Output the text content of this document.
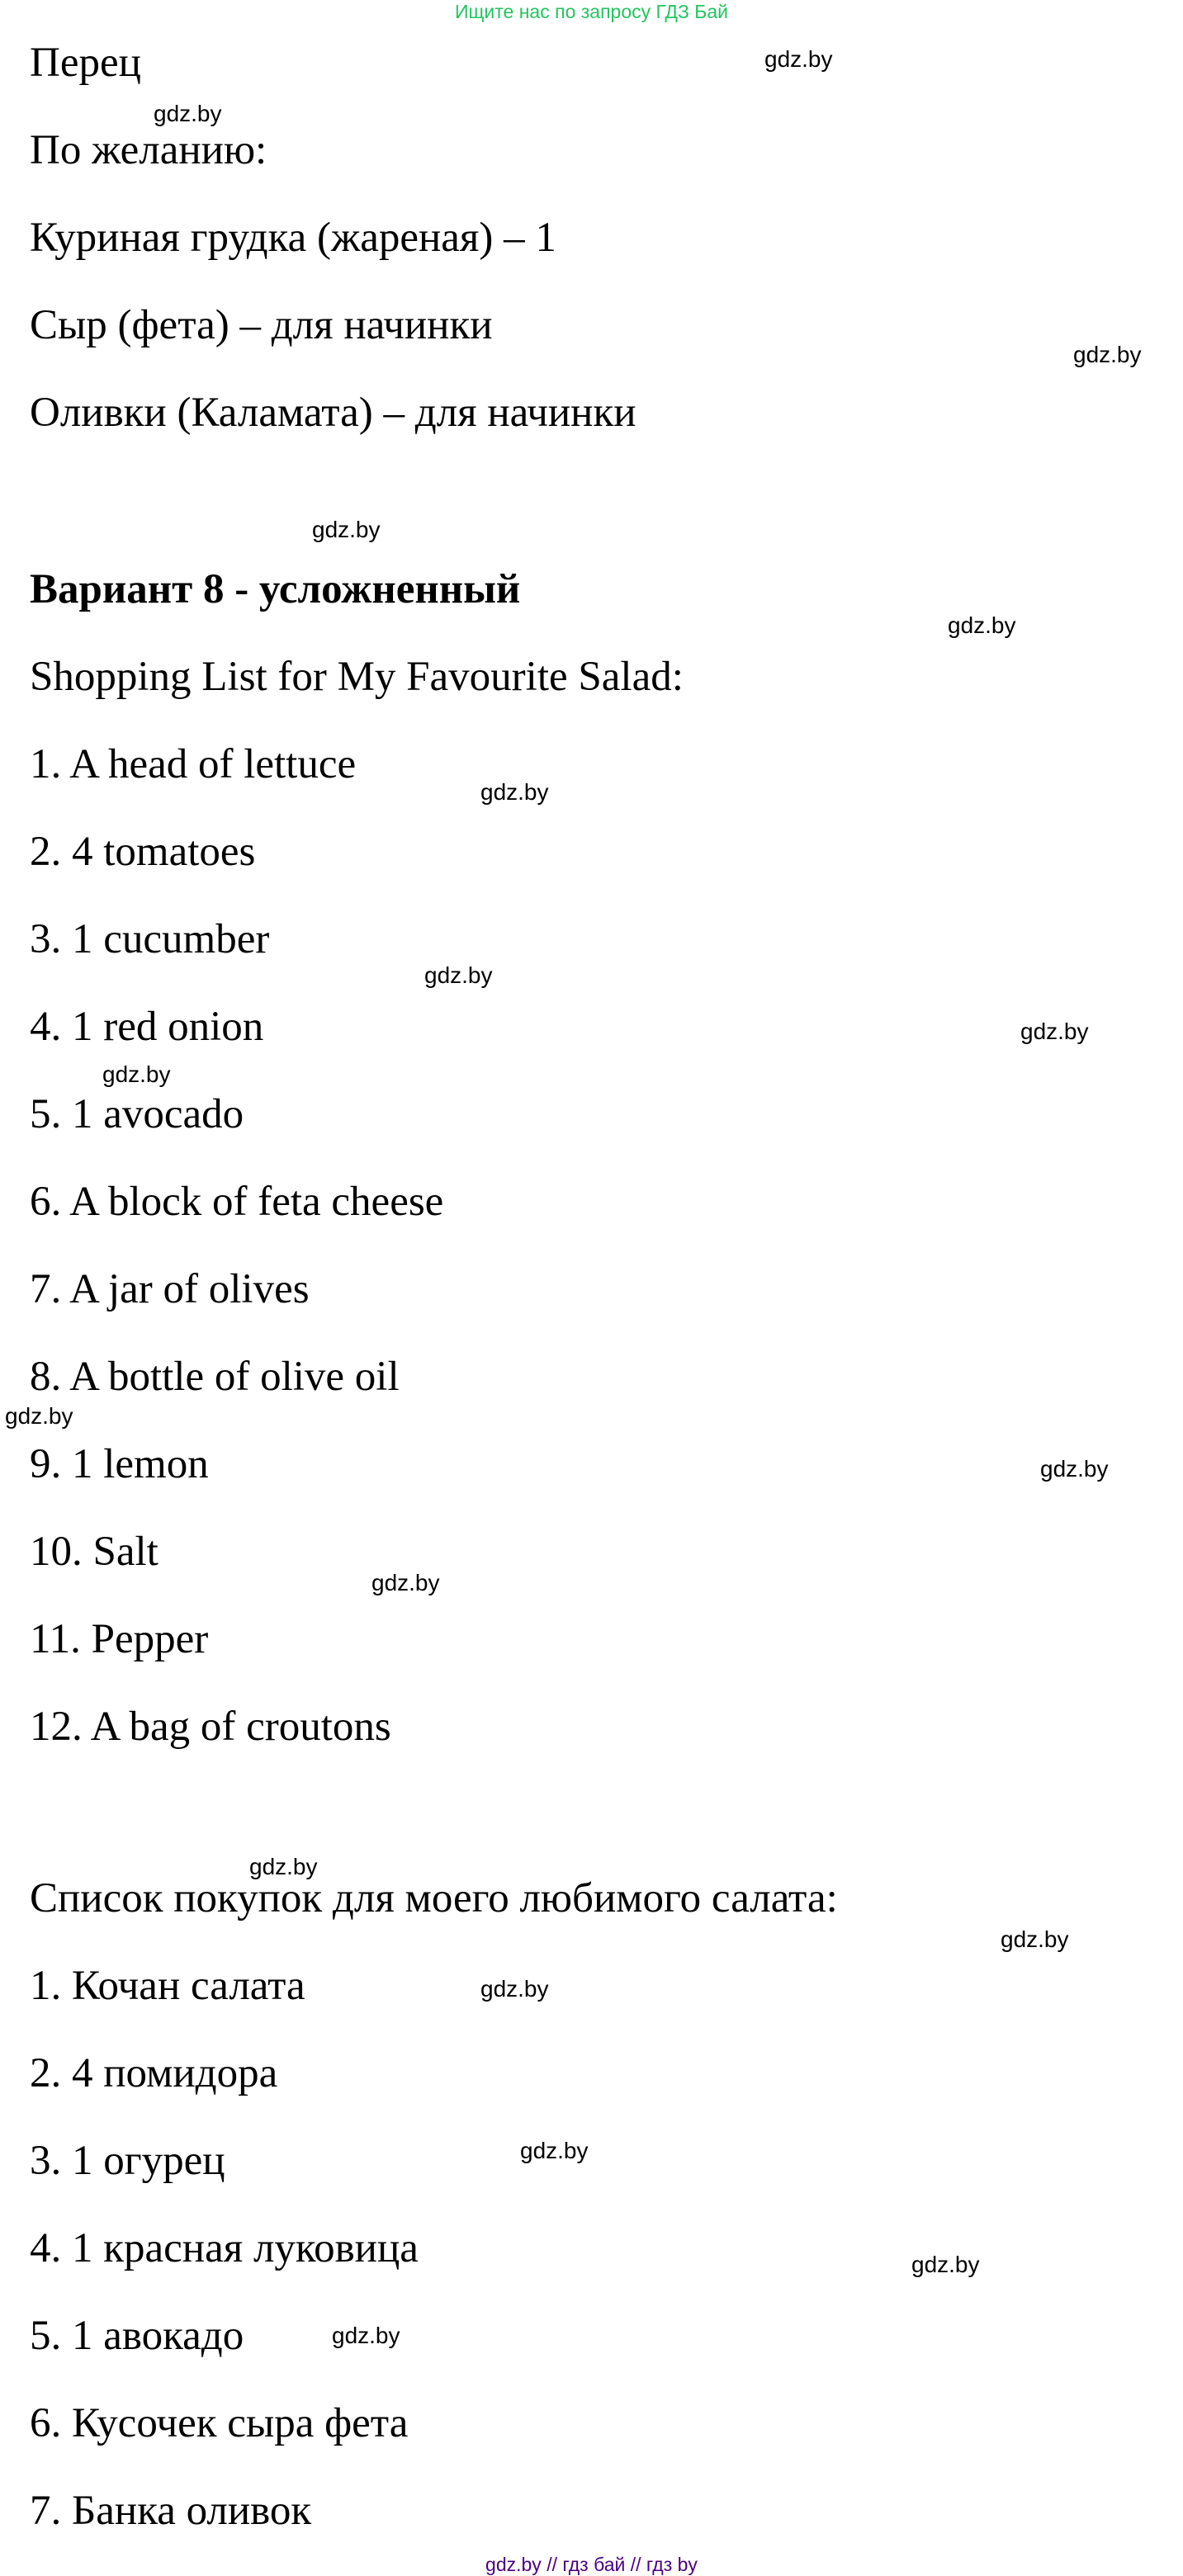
Ищите нас по запросу ГДЗ Бай
Перец
По желанию:
Куриная грудка (жареная) – 1
Сыр (фета) – для начинки
Оливки (Каламата) – для начинки
Вариант 8 - усложненный
Shopping List for My Favourite Salad:
1. A head of lettuce
2. 4 tomatoes
3. 1 cucumber
4. 1 red onion
5. 1 avocado
6. A block of feta cheese
7. A jar of olives
8. A bottle of olive oil
9. 1 lemon
10. Salt
11. Pepper
12. A bag of croutons
Список покупок для моего любимого салата:
1. Кочан салата
2. 4 помидора
3. 1 огурец
4. 1 красная луковица
5. 1 авокадо
6. Кусочек сыра фета
7. Банка оливок
gdz.by
gdz.by
gdz.by
gdz.by
gdz.by
gdz.by
gdz.by
gdz.by
gdz.by
gdz.by
gdz.by
gdz.by
gdz.by
gdz.by
gdz.by
gdz.by
gdz.by
gdz.by
gdz.by // гдз бай // гдз by
